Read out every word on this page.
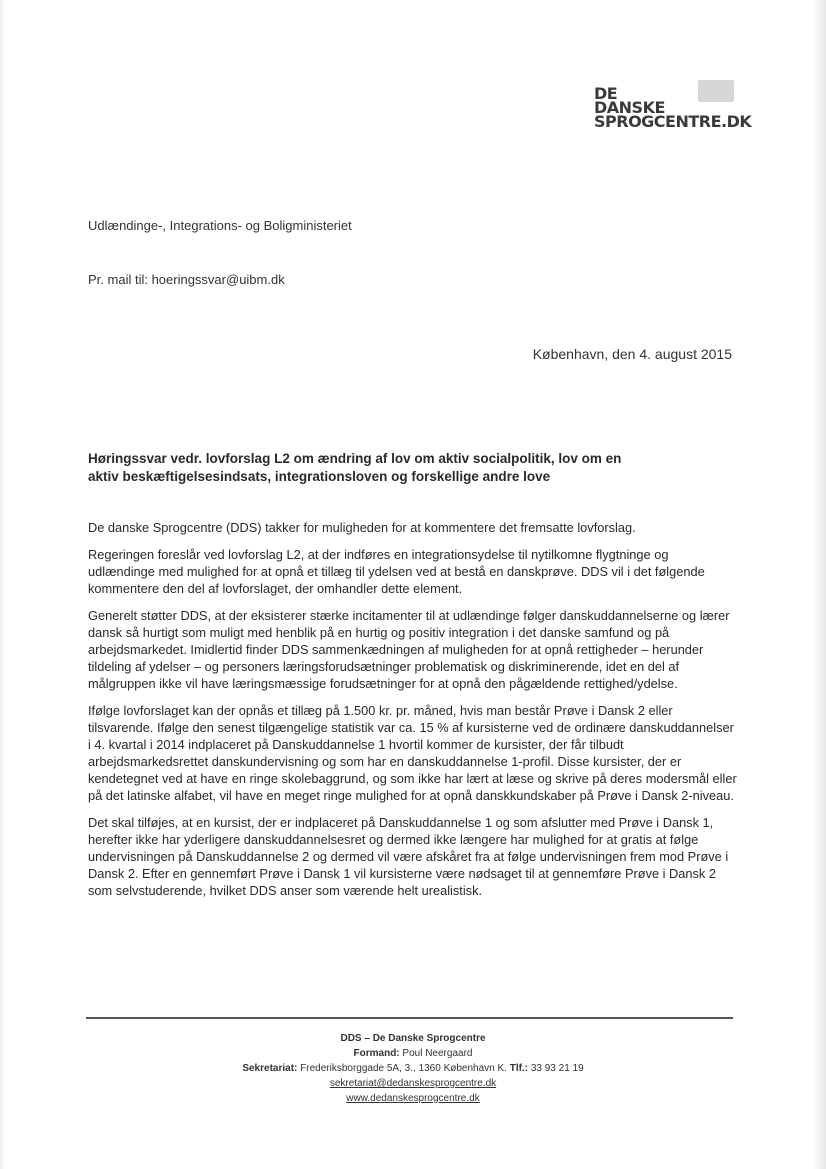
DE
DANSKE
SPROGCENTRE.DK
Udlændinge-, Integrations- og Boligministeriet
Pr. mail til: hoeringssvar@uibm.dk
København, den 4. august 2015
Høringssvar vedr. lovforslag L2 om ændring af lov om aktiv socialpolitik, lov om en aktiv beskæftigelsesindsats, integrationsloven og forskellige andre love

De danske Sprogcentre (DDS) takker for muligheden for at kommentere det fremsatte lovforslag.

Regeringen foreslår ved lovforslag L2, at der indføres en integrationsydelse til nytilkomne flygtninge og udlændinge med mulighed for at opnå et tillæg til ydelsen ved at bestå en danskprøve. DDS vil i det følgende kommentere den del af lovforslaget, der omhandler dette element.

Generelt støtter DDS, at der eksisterer stærke incitamenter til at udlændinge følger danskuddannelserne og lærer dansk så hurtigt som muligt med henblik på en hurtig og positiv integration i det danske samfund og på arbejdsmarkedet. Imidlertid finder DDS sammenkædningen af muligheden for at opnå rettigheder – herunder tildeling af ydelser – og personers læringsforudsætninger problematisk og diskriminerende, idet en del af målgruppen ikke vil have læringsmæssige forudsætninger for at opnå den pågældende rettighed/ydelse.

Ifølge lovforslaget kan der opnås et tillæg på 1.500 kr. pr. måned, hvis man består Prøve i Dansk 2 eller tilsvarende. Ifølge den senest tilgængelige statistik var ca. 15 % af kursisterne ved de ordinære danskuddannelser i 4. kvartal i 2014 indplaceret på Danskuddannelse 1 hvortil kommer de kursister, der får tilbudt arbejdsmarkedsrettet danskundervisning og som har en danskuddannelse 1-profil. Disse kursister, der er kendetegnet ved at have en ringe skolebaggrund, og som ikke har lært at læse og skrive på deres modersmål eller på det latinske alfabet, vil have en meget ringe mulighed for at opnå danskkundskaber på Prøve i Dansk 2-niveau.

Det skal tilføjes, at en kursist, der er indplaceret på Danskuddannelse 1 og som afslutter med Prøve i Dansk 1, herefter ikke har yderligere danskuddannelsesret og dermed ikke længere har mulighed for at gratis at følge undervisningen på Danskuddannelse 2 og dermed vil være afskåret fra at følge undervisningen frem mod Prøve i Dansk 2. Efter en gennemført Prøve i Dansk 1 vil kursisterne være nødsaget til at gennemføre Prøve i Dansk 2 som selvstuderende, hvilket DDS anser som værende helt urealistisk.

DDS – De Danske Sprogcentre
Formand: Poul Neergaard
Sekretariat: Frederiksborggade 5A, 3., 1360 København K. Tlf.: 33 93 21 19
sekretariat@dedanskesprogcentre.dk
www.dedanskesprogcentre.dk
